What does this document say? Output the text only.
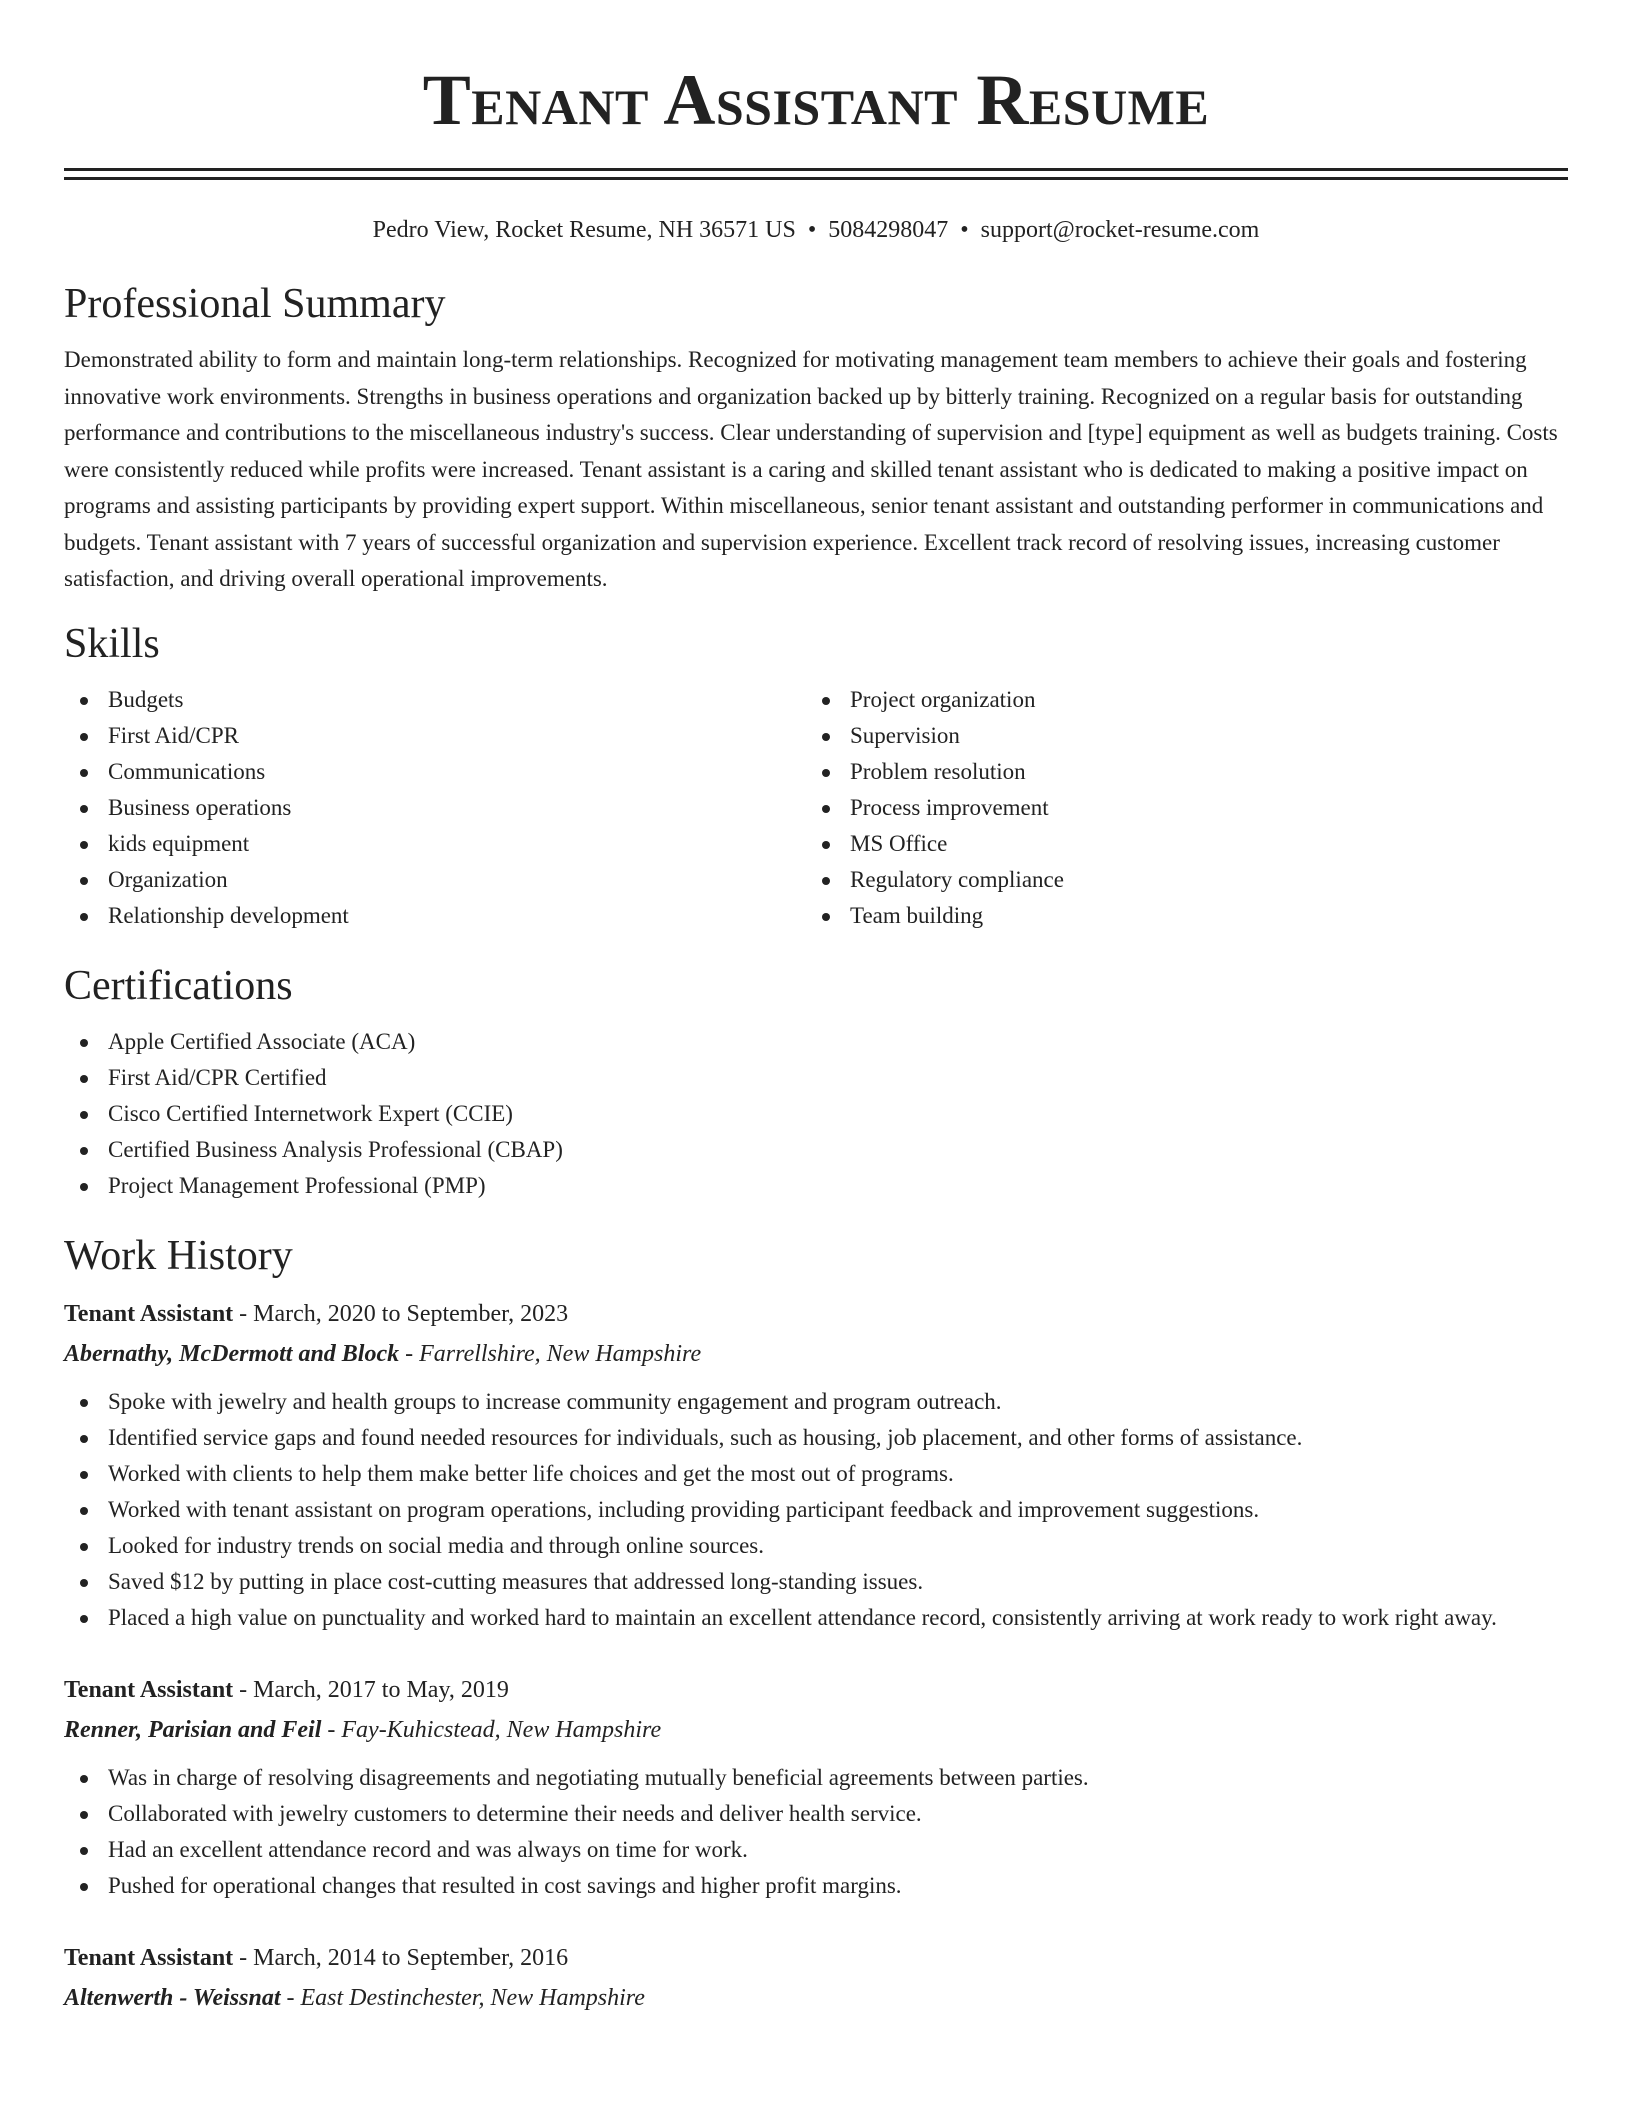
Tenant Assistant Resume
Pedro View, Rocket Resume, NH 36571 US • 5084298047 • support@rocket-resume.com
Professional Summary

Demonstrated ability to form and maintain long-term relationships. Recognized for motivating management team members to achieve their goals and fostering innovative work environments. Strengths in business operations and organization backed up by bitterly training. Recognized on a regular basis for outstanding performance and contributions to the miscellaneous industry's success. Clear understanding of supervision and [type] equipment as well as budgets training. Costs were consistently reduced while profits were increased. Tenant assistant is a caring and skilled tenant assistant who is dedicated to making a positive impact on programs and assisting participants by providing expert support. Within miscellaneous, senior tenant assistant and outstanding performer in communications and budgets. Tenant assistant with 7 years of successful organization and supervision experience. Excellent track record of resolving issues, increasing customer satisfaction, and driving overall operational improvements.

Skills
Budgets
First Aid/CPR
Communications
Business operations
kids equipment
Organization
Relationship development
Project organization
Supervision
Problem resolution
Process improvement
MS Office
Regulatory compliance
Team building
Certifications
Apple Certified Associate (ACA)
First Aid/CPR Certified
Cisco Certified Internetwork Expert (CCIE)
Certified Business Analysis Professional (CBAP)
Project Management Professional (PMP)
Work History
Tenant Assistant - March, 2020 to September, 2023
Abernathy, McDermott and Block - Farrellshire, New Hampshire
Spoke with jewelry and health groups to increase community engagement and program outreach.
Identified service gaps and found needed resources for individuals, such as housing, job placement, and other forms of assistance.
Worked with clients to help them make better life choices and get the most out of programs.
Worked with tenant assistant on program operations, including providing participant feedback and improvement suggestions.
Looked for industry trends on social media and through online sources.
Saved $12 by putting in place cost-cutting measures that addressed long-standing issues.
Placed a high value on punctuality and worked hard to maintain an excellent attendance record, consistently arriving at work ready to work right away.
Tenant Assistant - March, 2017 to May, 2019
Renner, Parisian and Feil - Fay-Kuhicstead, New Hampshire
Was in charge of resolving disagreements and negotiating mutually beneficial agreements between parties.
Collaborated with jewelry customers to determine their needs and deliver health service.
Had an excellent attendance record and was always on time for work.
Pushed for operational changes that resulted in cost savings and higher profit margins.
Tenant Assistant - March, 2014 to September, 2016
Altenwerth - Weissnat - East Destinchester, New Hampshire
